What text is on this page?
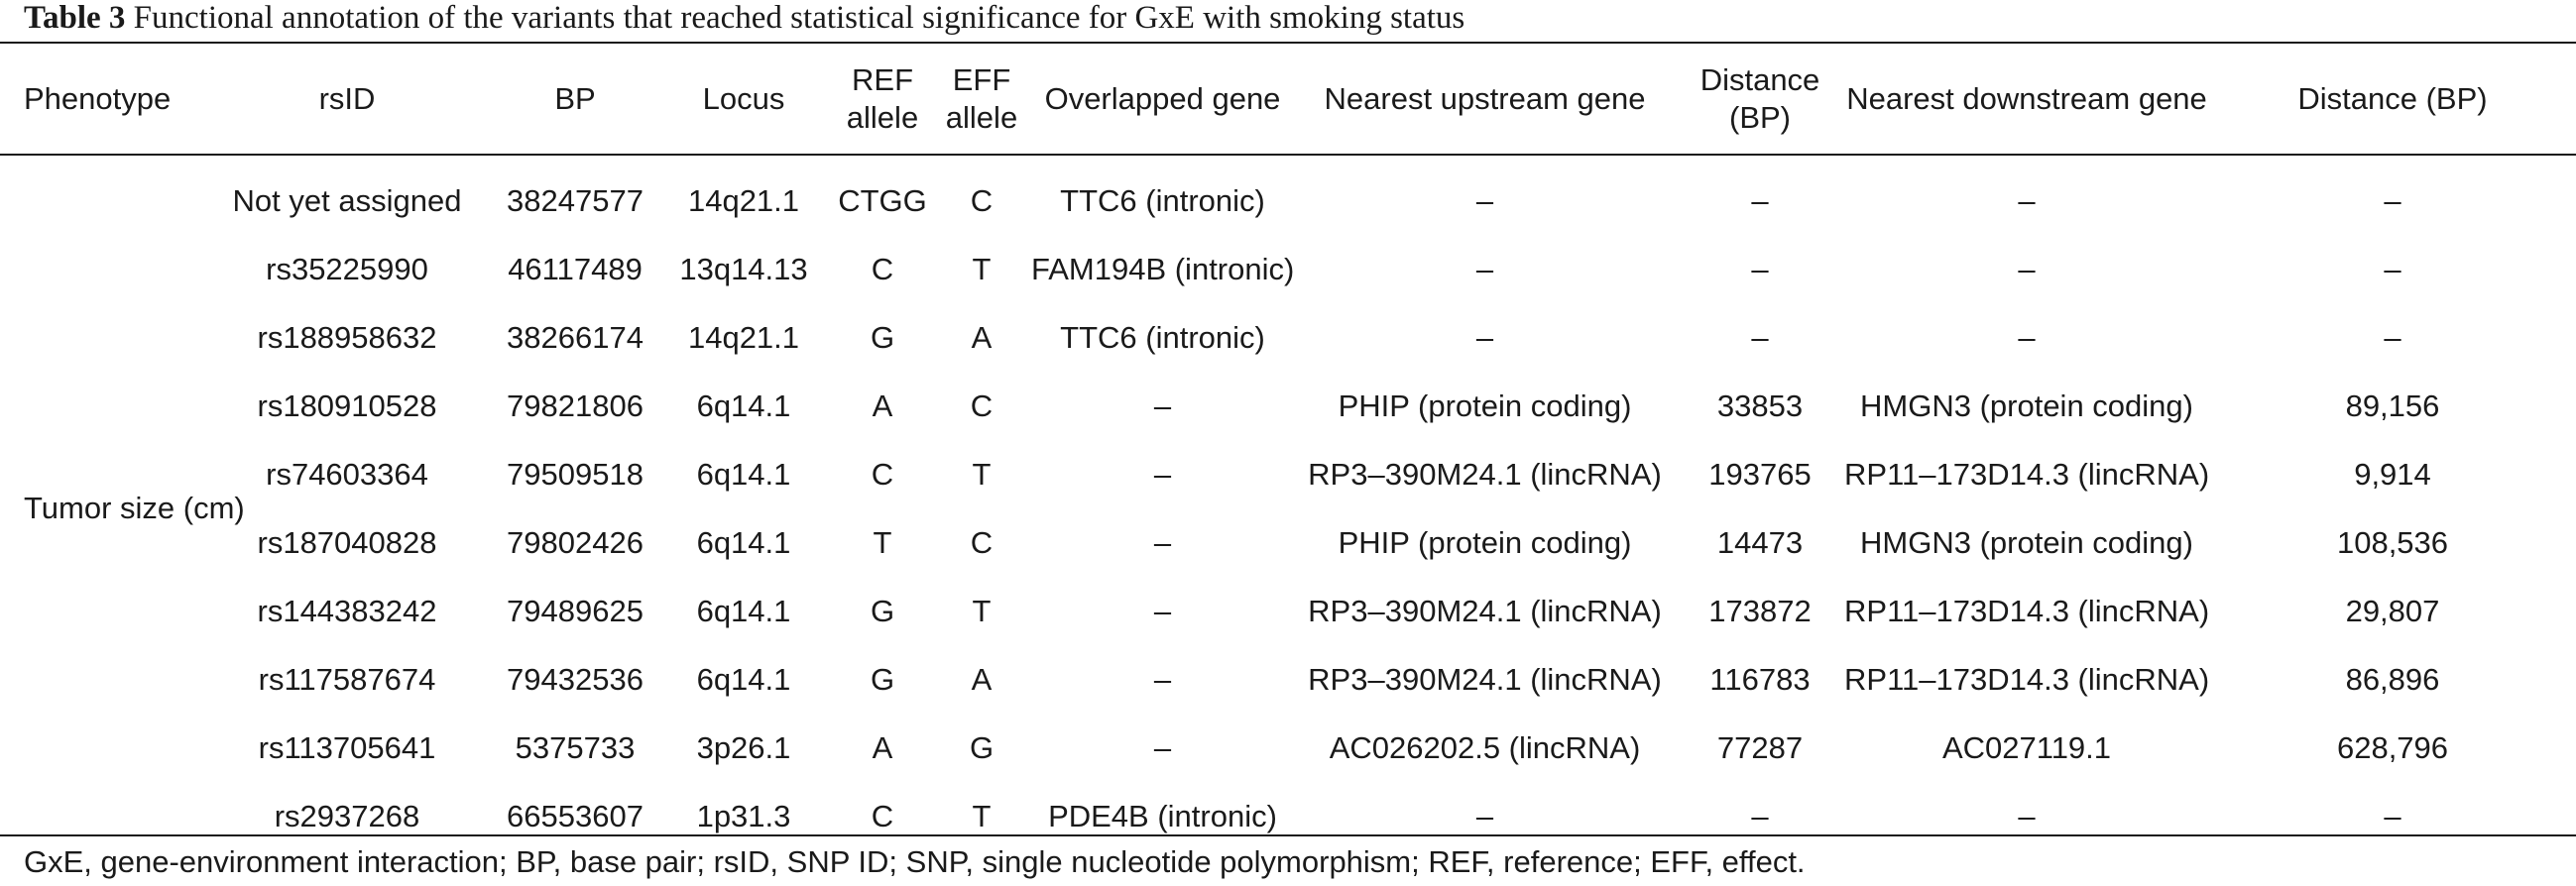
Table 3 Functional annotation of the variants that reached statistical significance for GxE with smoking status
Phenotype	rsID	BP	Locus	REF allele	EFF allele	Overlapped gene	Nearest upstream gene	Distance (BP)	Nearest downstream gene	Distance (BP)
Tumor size (cm)	Not yet assigned	38247577	14q21.1	CTGG	C	TTC6 (intronic)	–	–	–	–
	rs35225990	46117489	13q14.13	C	T	FAM194B (intronic)	–	–	–	–
	rs188958632	38266174	14q21.1	G	A	TTC6 (intronic)	–	–	–	–
	rs180910528	79821806	6q14.1	A	C	–	PHIP (protein coding)	33853	HMGN3 (protein coding)	89,156
	rs74603364	79509518	6q14.1	C	T	–	RP3–390M24.1 (lincRNA)	193765	RP11–173D14.3 (lincRNA)	9,914
	rs187040828	79802426	6q14.1	T	C	–	PHIP (protein coding)	14473	HMGN3 (protein coding)	108,536
	rs144383242	79489625	6q14.1	G	T	–	RP3–390M24.1 (lincRNA)	173872	RP11–173D14.3 (lincRNA)	29,807
	rs117587674	79432536	6q14.1	G	A	–	RP3–390M24.1 (lincRNA)	116783	RP11–173D14.3 (lincRNA)	86,896
	rs113705641	5375733	3p26.1	A	G	–	AC026202.5 (lincRNA)	77287	AC027119.1	628,796
	rs2937268	66553607	1p31.3	C	T	PDE4B (intronic)	–	–	–	–
GxE, gene-environment interaction; BP, base pair; rsID, SNP ID; SNP, single nucleotide polymorphism; REF, reference; EFF, effect.
